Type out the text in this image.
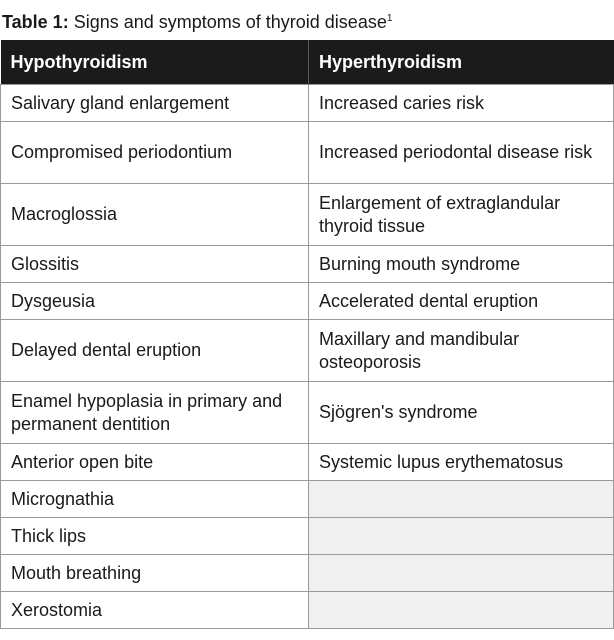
Table 1: Signs and symptoms of thyroid disease$^1$
Hypothyroidism	Hyperthyroidism
Salivary gland enlargement	Increased caries risk
Compromised periodontium	Increased periodontal disease risk
Macroglossia	Enlargement of extraglandular thyroid tissue
Glossitis	Burning mouth syndrome
Dysgeusia	Accelerated dental eruption
Delayed dental eruption	Maxillary and mandibular osteoporosis
Enamel hypoplasia in primary and permanent dentition	Sjögren's syndrome
Anterior open bite	Systemic lupus erythematosus
Micrognathia	
Thick lips	
Mouth breathing	
Xerostomia	
